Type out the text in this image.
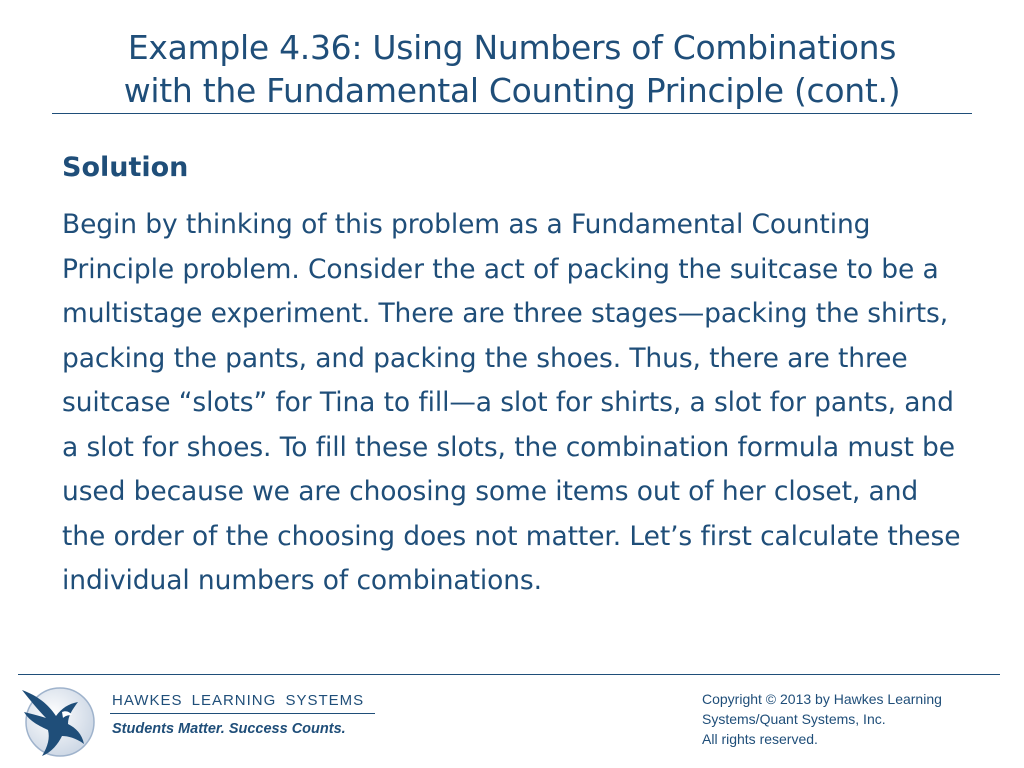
Example 4.36: Using Numbers of Combinations
with the Fundamental Counting Principle (cont.)
Solution

Begin by thinking of this problem as a Fundamental Counting Principle problem. Consider the act of packing the suitcase to be a multistage experiment. There are three stages—packing the shirts, packing the pants, and packing the shoes. Thus, there are three suitcase “slots” for Tina to fill—a slot for shirts, a slot for pants, and a slot for shoes. To fill these slots, the combination formula must be used because we are choosing some items out of her closet, and the order of the choosing does not matter. Let’s first calculate these individual numbers of combinations.

HAWKES LEARNING SYSTEMS
Students Matter. Success Counts.
Copyright © 2013 by Hawkes Learning
Systems/Quant Systems, Inc.
All rights reserved.
